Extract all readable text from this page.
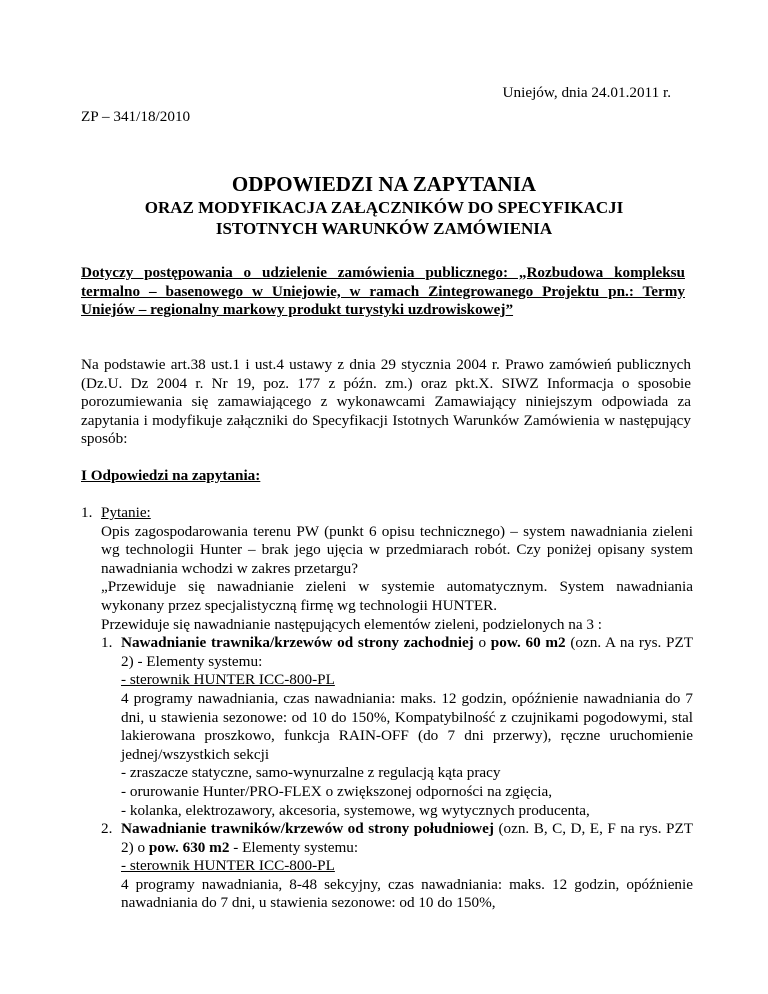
Uniejów, dnia 24.01.2011 r.
ZP – 341/18/2010
ODPOWIEDZI NA ZAPYTANIA
ORAZ MODYFIKACJA ZAŁĄCZNIKÓW DO SPECYFIKACJI
ISTOTNYCH WARUNKÓW ZAMÓWIENIA
Dotyczy postępowania o udzielenie zamówienia publicznego: „Rozbudowa kompleksu termalno – basenowego w Uniejowie, w ramach Zintegrowanego Projektu pn.: Termy Uniejów – regionalny markowy produkt turystyki uzdrowiskowej”
Na podstawie art.38 ust.1 i ust.4 ustawy z dnia 29 stycznia 2004 r. Prawo zamówień publicznych (Dz.U. Dz 2004 r. Nr 19, poz. 177 z późn. zm.) oraz pkt.X. SIWZ Informacja o sposobie porozumiewania się zamawiającego z wykonawcami Zamawiający niniejszym odpowiada za zapytania i modyfikuje załączniki do Specyfikacji Istotnych Warunków Zamówienia w następujący sposób:
I Odpowiedzi na zapytania:
1. Pytanie:

Opis zagospodarowania terenu PW (punkt 6 opisu technicznego) – system nawadniania zieleni wg technologii Hunter – brak jego ujęcia w przedmiarach robót. Czy poniżej opisany system nawadniania wchodzi w zakres przetargu?

„Przewiduje się nawadnianie zieleni w systemie automatycznym. System nawadniania wykonany przez specjalistyczną firmę wg technologii HUNTER.

Przewiduje się nawadnianie następujących elementów zieleni, podzielonych na 3 :

1. Nawadnianie trawnika/krzewów od strony zachodniej o pow. 60 m2 (ozn. A na rys. PZT 2) - Elementy systemu:

- sterownik HUNTER ICC-800-PL

4 programy nawadniania, czas nawadniania: maks. 12 godzin, opóźnienie nawadniania do 7 dni, u stawienia sezonowe: od 10 do 150%, Kompatybilność z czujnikami pogodowymi, stal lakierowana proszkowo, funkcja RAIN-OFF (do 7 dni przerwy), ręczne uruchomienie jednej/wszystkich sekcji

- zraszacze statyczne, samo-wynurzalne z regulacją kąta pracy

- orurowanie Hunter/PRO-FLEX o zwiększonej odporności na zgięcia,

- kolanka, elektrozawory, akcesoria, systemowe, wg wytycznych producenta,

2. Nawadnianie trawników/krzewów od strony południowej (ozn. B, C, D, E, F na rys. PZT 2) o pow. 630 m2 - Elementy systemu:

- sterownik HUNTER ICC-800-PL

4 programy nawadniania, 8-48 sekcyjny, czas nawadniania: maks. 12 godzin, opóźnienie nawadniania do 7 dni, u stawienia sezonowe: od 10 do 150%,
